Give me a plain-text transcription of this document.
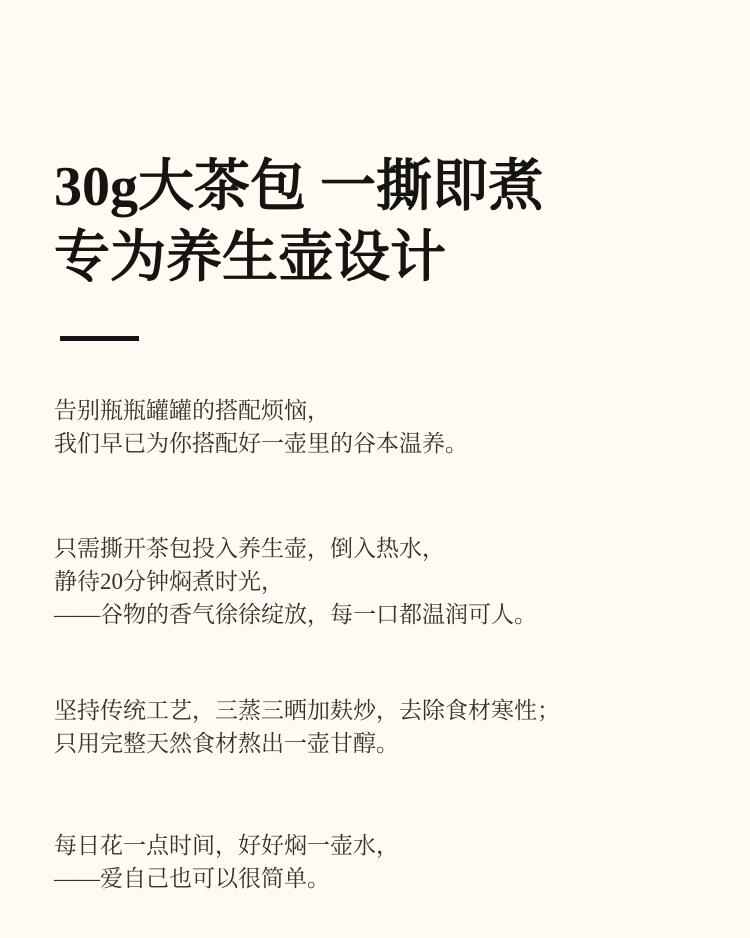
30g大茶包 一撕即煮
专为养生壶设计

告别瓶瓶罐罐的搭配烦恼，
我们早已为你搭配好一壶里的谷本温养。

只需撕开茶包投入养生壶，倒入热水，
静待20分钟焖煮时光，
——谷物的香气徐徐绽放，每一口都温润可人。

坚持传统工艺，三蒸三晒加麸炒，去除食材寒性；
只用完整天然食材熬出一壶甘醇。

每日花一点时间，好好焖一壶水，
——爱自己也可以很简单。
